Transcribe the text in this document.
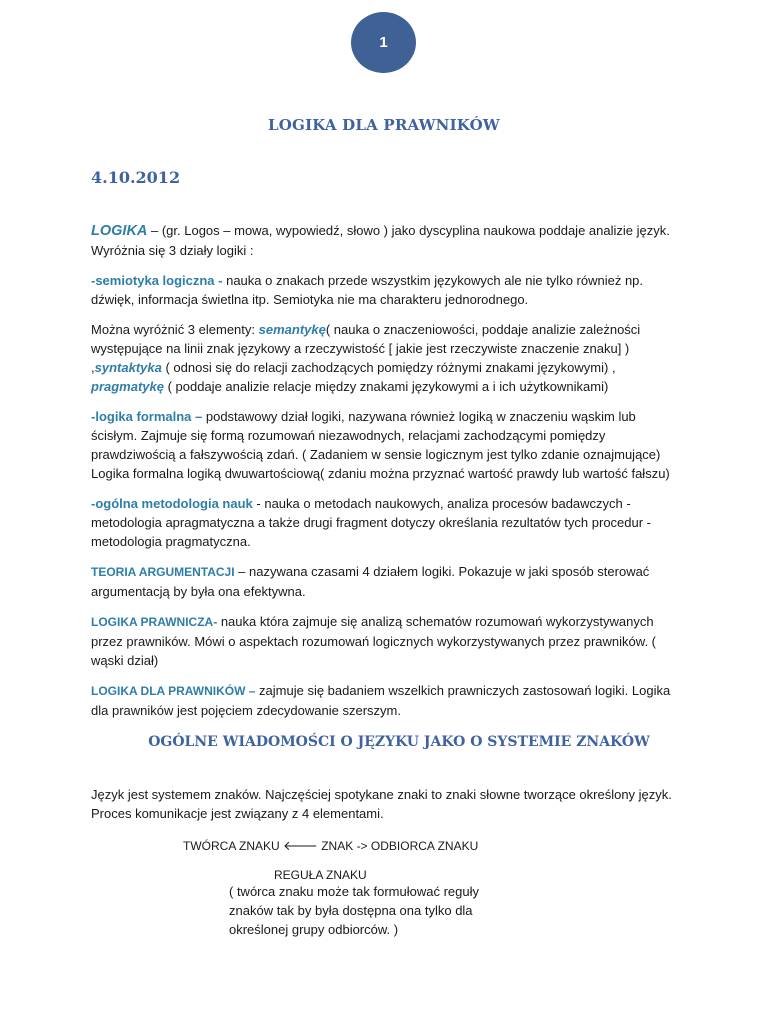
1
LOGIKA DLA PRAWNIKÓW
4.10.2012

LOGIKA – (gr. Logos – mowa, wypowiedź, słowo ) jako dyscyplina naukowa poddaje analizie język. Wyróżnia się 3 działy logiki :

-semiotyka logiczna - nauka o znakach przede wszystkim językowych ale nie tylko również np. dźwięk, informacja świetlna itp. Semiotyka nie ma charakteru jednorodnego.

Można wyróżnić 3 elementy: semantykę( nauka o znaczeniowości, poddaje analizie zależności występujące na linii znak językowy a rzeczywistość [ jakie jest rzeczywiste znaczenie znaku] ) ,syntaktyka ( odnosi się do relacji zachodzących pomiędzy różnymi znakami językowymi) , pragmatykę ( poddaje analizie relacje między znakami językowymi a i ich użytkownikami)

-logika formalna – podstawowy dział logiki, nazywana również logiką w znaczeniu wąskim lub ścisłym. Zajmuje się formą rozumowań niezawodnych, relacjami zachodzącymi pomiędzy prawdziwością a fałszywością zdań. ( Zadaniem w sensie logicznym jest tylko zdanie oznajmujące) Logika formalna logiką dwuwartościową( zdaniu można przyznać wartość prawdy lub wartość fałszu)

-ogólna metodologia nauk - nauka o metodach naukowych, analiza procesów badawczych - metodologia apragmatyczna a także drugi fragment dotyczy określania rezultatów tych procedur - metodologia pragmatyczna.

TEORIA ARGUMENTACJI – nazywana czasami 4 działem logiki. Pokazuje w jaki sposób sterować argumentacją by była ona efektywna.

LOGIKA PRAWNICZA- nauka która zajmuje się analizą schematów rozumowań wykorzystywanych przez prawników. Mówi o aspektach rozumowań logicznych wykorzystywanych przez prawników. ( wąski dział)

LOGIKA DLA PRAWNIKÓW – zajmuje się badaniem wszelkich prawniczych zastosowań logiki. Logika dla prawników jest pojęciem zdecydowanie szerszym.

OGÓLNE WIADOMOŚCI O JĘZYKU JAKO O SYSTEMIE ZNAKÓW
Język jest systemem znaków. Najczęściej spotykane znaki to znaki słowne tworzące określony język. Proces komunikacje jest związany z 4 elementami.
TWÓRCA ZNAKU 🡐 ZNAK -> ODBIORCA ZNAKU
REGUŁA ZNAKU
( twórca znaku może tak formułować reguły znaków tak by była dostępna ona tylko dla określonej grupy odbiorców. )
